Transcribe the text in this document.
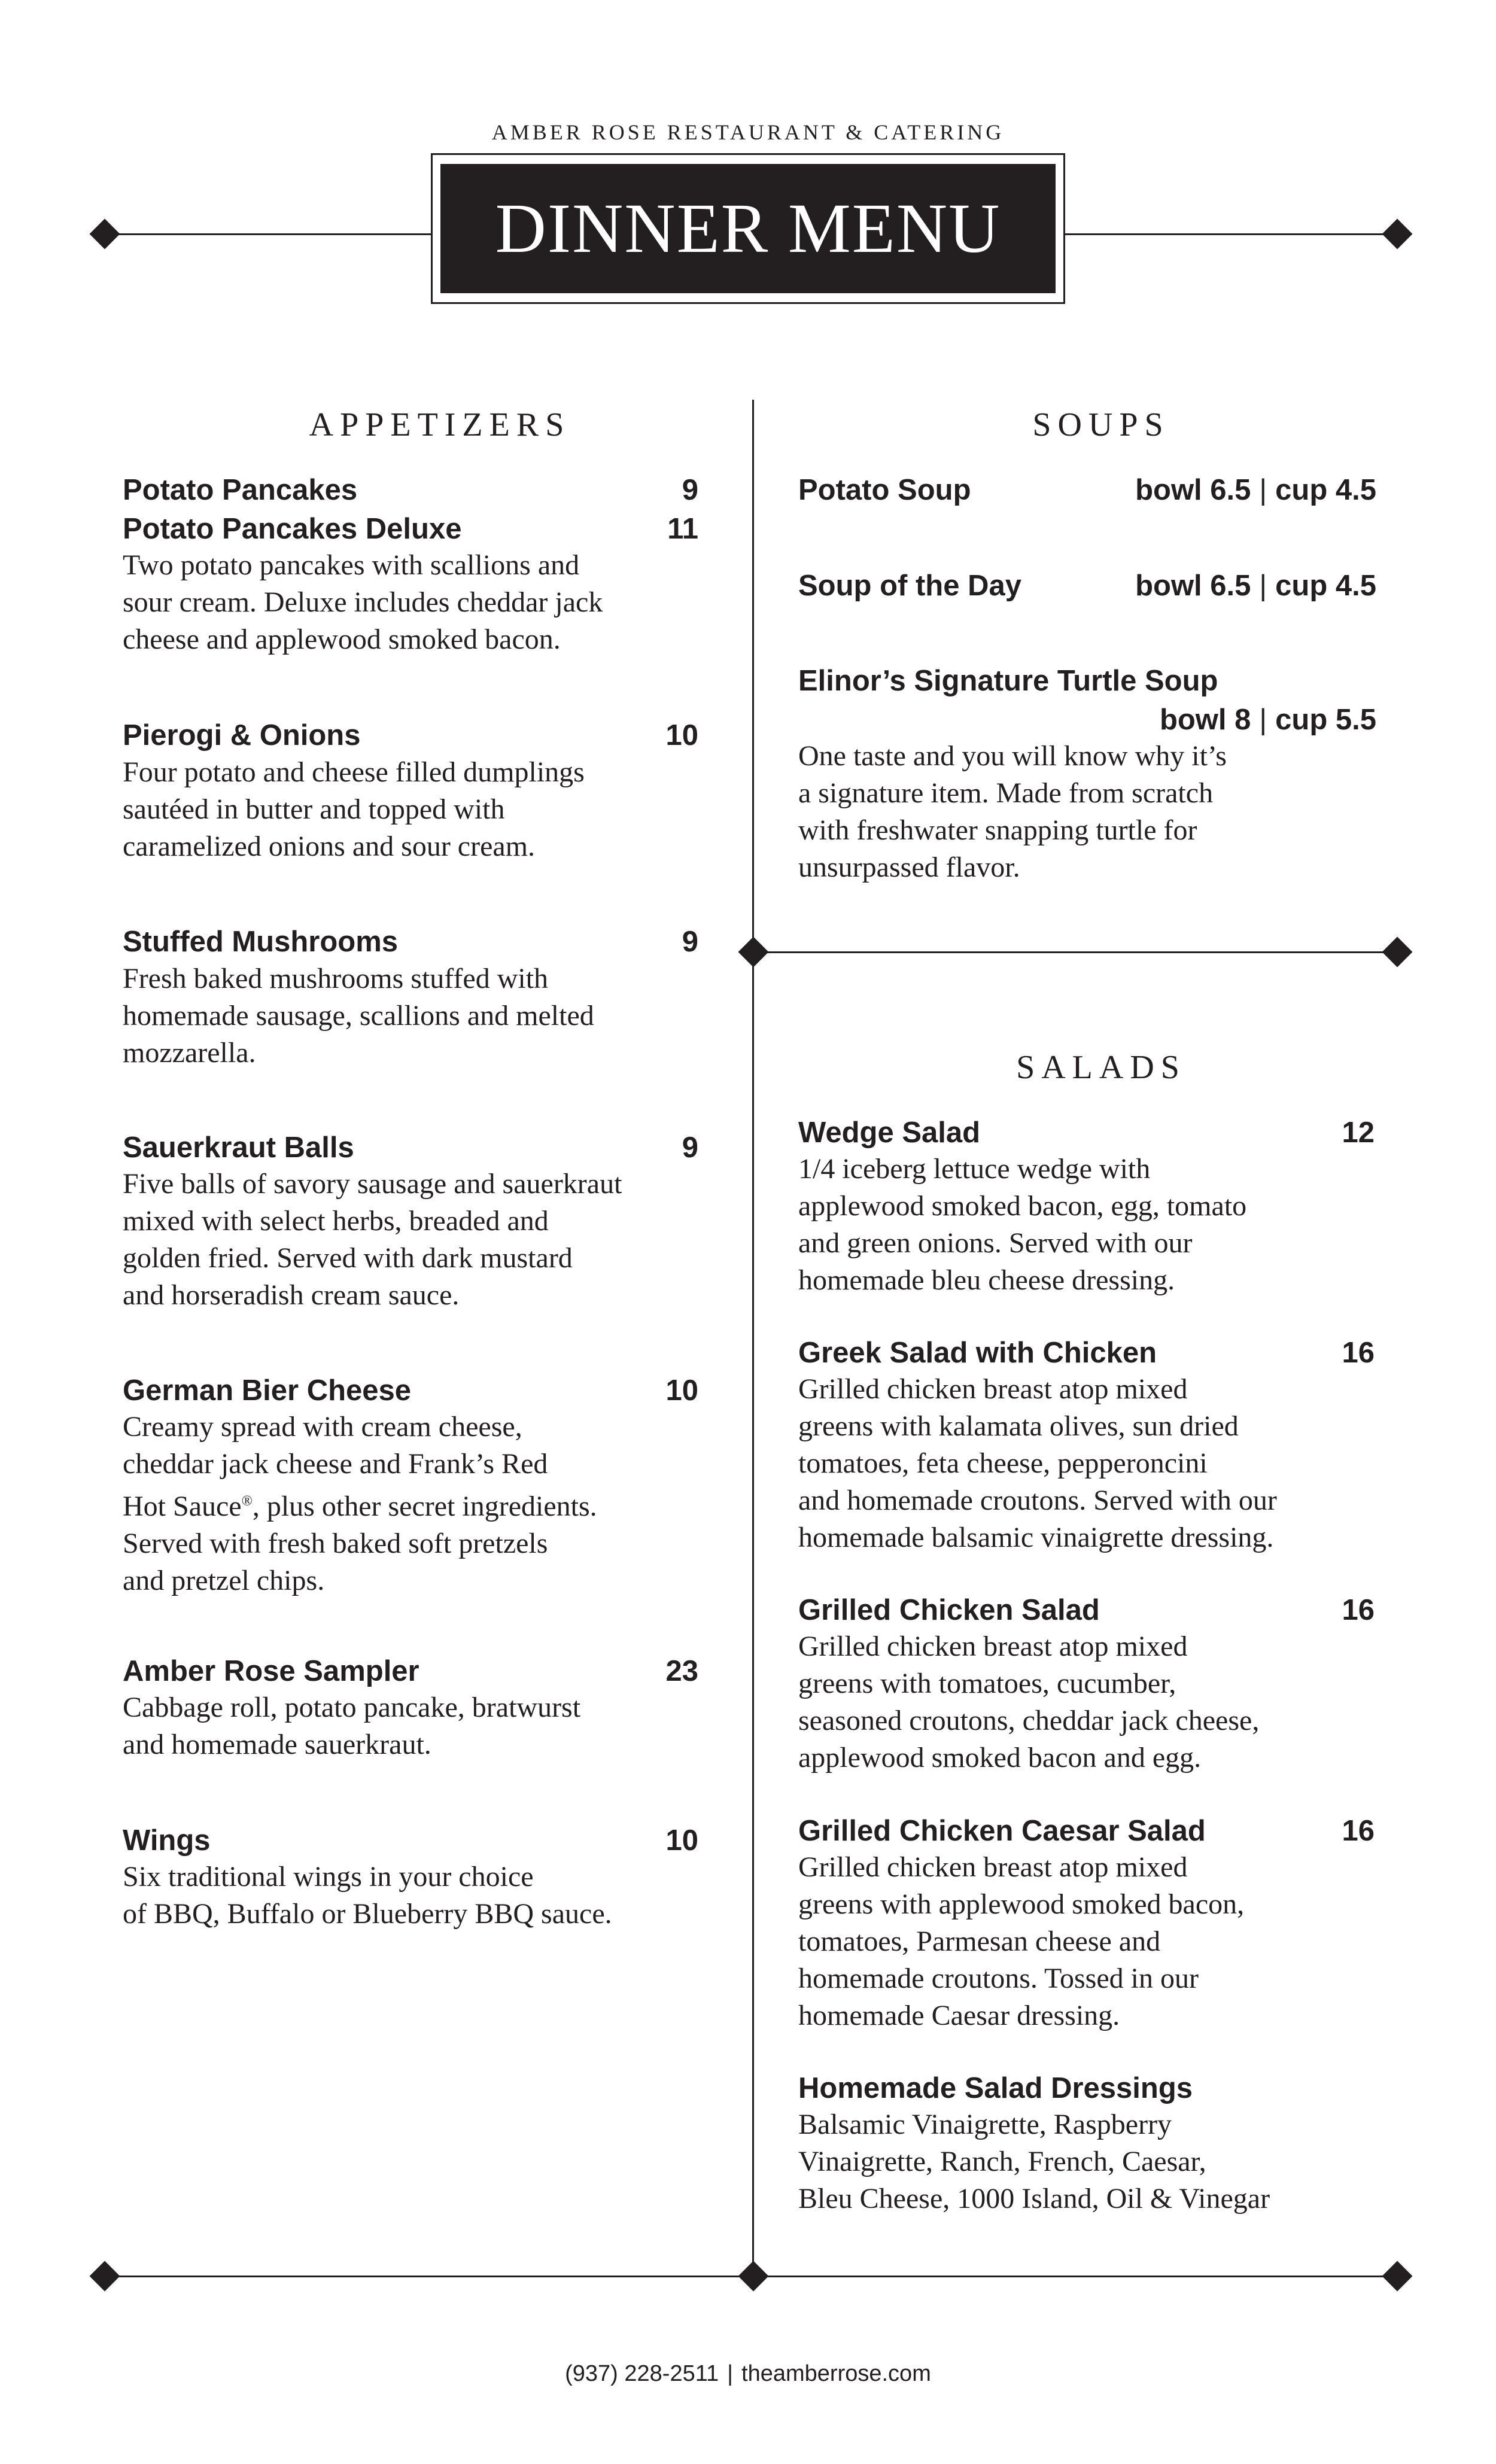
AMBER ROSE RESTAURANT & CATERING
DINNER MENU
APPETIZERS
Potato Pancakes	9
Potato Pancakes Deluxe	11
Two potato pancakes with scallions and
sour cream. Deluxe includes cheddar jack
cheese and applewood smoked bacon.
Pierogi & Onions	10
Four potato and cheese filled dumplings
sautéed in butter and topped with
caramelized onions and sour cream.
Stuffed Mushrooms	9
Fresh baked mushrooms stuffed with
homemade sausage, scallions and melted
mozzarella.
Sauerkraut Balls	9
Five balls of savory sausage and sauerkraut
mixed with select herbs, breaded and
golden fried. Served with dark mustard
and horseradish cream sauce.
German Bier Cheese	10
Creamy spread with cream cheese,
cheddar jack cheese and Frank’s Red
Hot Sauce®, plus other secret ingredients.
Served with fresh baked soft pretzels
and pretzel chips.
Amber Rose Sampler	23
Cabbage roll, potato pancake, bratwurst
and homemade sauerkraut.
Wings	10
Six traditional wings in your choice
of BBQ, Buffalo or Blueberry BBQ sauce.
SOUPS
Potato Soup	bowl 6.5 | cup 4.5
Soup of the Day	bowl 6.5 | cup 4.5
Elinor’s Signature Turtle Soup
bowl 8 | cup 5.5
One taste and you will know why it’s
a signature item. Made from scratch
with freshwater snapping turtle for
unsurpassed flavor.
SALADS
Wedge Salad	12
1/4 iceberg lettuce wedge with
applewood smoked bacon, egg, tomato
and green onions. Served with our
homemade bleu cheese dressing.
Greek Salad with Chicken	16
Grilled chicken breast atop mixed
greens with kalamata olives, sun dried
tomatoes, feta cheese, pepperoncini
and homemade croutons. Served with our
homemade balsamic vinaigrette dressing.
Grilled Chicken Salad	16
Grilled chicken breast atop mixed
greens with tomatoes, cucumber,
seasoned croutons, cheddar jack cheese,
applewood smoked bacon and egg.
Grilled Chicken Caesar Salad	16
Grilled chicken breast atop mixed
greens with applewood smoked bacon,
tomatoes, Parmesan cheese and
homemade croutons. Tossed in our
homemade Caesar dressing.
Homemade Salad Dressings
Balsamic Vinaigrette, Raspberry
Vinaigrette, Ranch, French, Caesar,
Bleu Cheese, 1000 Island, Oil & Vinegar
(937) 228-2511 | theamberrose.com
